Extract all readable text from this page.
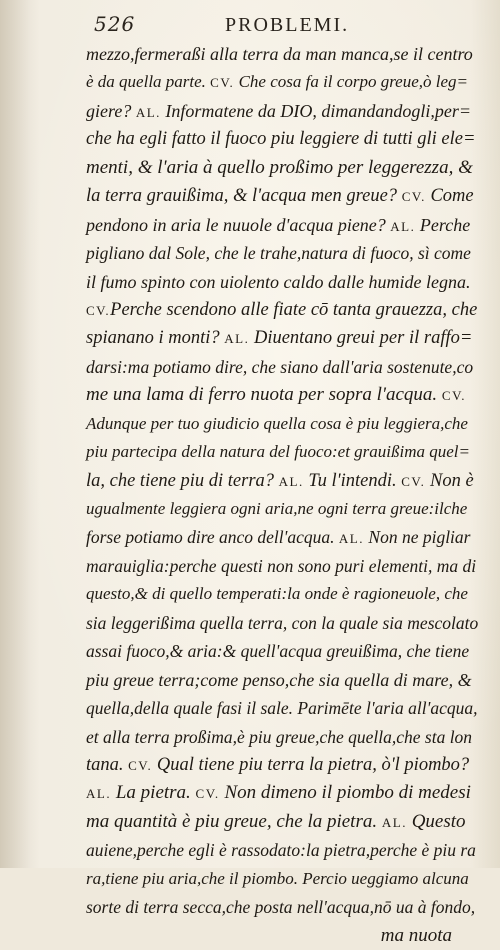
526	PROBLEMI.
mezzo,fermeraßi alla terra da man manca,se il centro
è da quella parte. CV. Che cosa fa il corpo greue,ò leg=
giere? AL. Informatene da DIO, dimandandogli,per=
che ha egli fatto il fuoco piu leggiere di tutti gli ele=
menti, & l'aria à quello proßimo per leggerezza, &
la terra grauißima, & l'acqua men greue? CV. Come
pendono in aria le nuuole d'acqua piene? AL. Perche
pigliano dal Sole, che le trahe,natura di fuoco, sì come
il fumo spinto con uiolento caldo dalle humide legna.
CV.Perche scendono alle fiate cō tanta grauezza, che
spianano i monti? AL. Diuentano greui per il raffo=
darsi:ma potiamo dire, che siano dall'aria sostenute,co
me una lama di ferro nuota per sopra l'acqua. CV.
Adunque per tuo giudicio quella cosa è piu leggiera,che
piu partecipa della natura del fuoco:et grauißima quel=
la, che tiene piu di terra? AL. Tu l'intendi. CV. Non è
ugualmente leggiera ogni aria,ne ogni terra greue:ilche
forse potiamo dire anco dell'acqua. AL. Non ne pigliar
marauiglia:perche questi non sono puri elementi, ma di
questo,& di quello temperati:la onde è ragioneuole, che
sia leggerißima quella terra, con la quale sia mescolato
assai fuoco,& aria:& quell'acqua greuißima, che tiene
piu greue terra;come penso,che sia quella di mare, &
quella,della quale fasi il sale. Parimēte l'aria all'acqua,
et alla terra proßima,è piu greue,che quella,che sta lon
tana. CV. Qual tiene piu terra la pietra, ò'l piombo?
AL. La pietra. CV. Non dimeno il piombo di medesi
ma quantità è piu greue, che la pietra. AL. Questo
auiene,perche egli è rassodato:la pietra,perche è piu ra
ra,tiene piu aria,che il piombo. Percio ueggiamo alcuna
sorte di terra secca,che posta nell'acqua,nō ua à fondo,
ma nuota
